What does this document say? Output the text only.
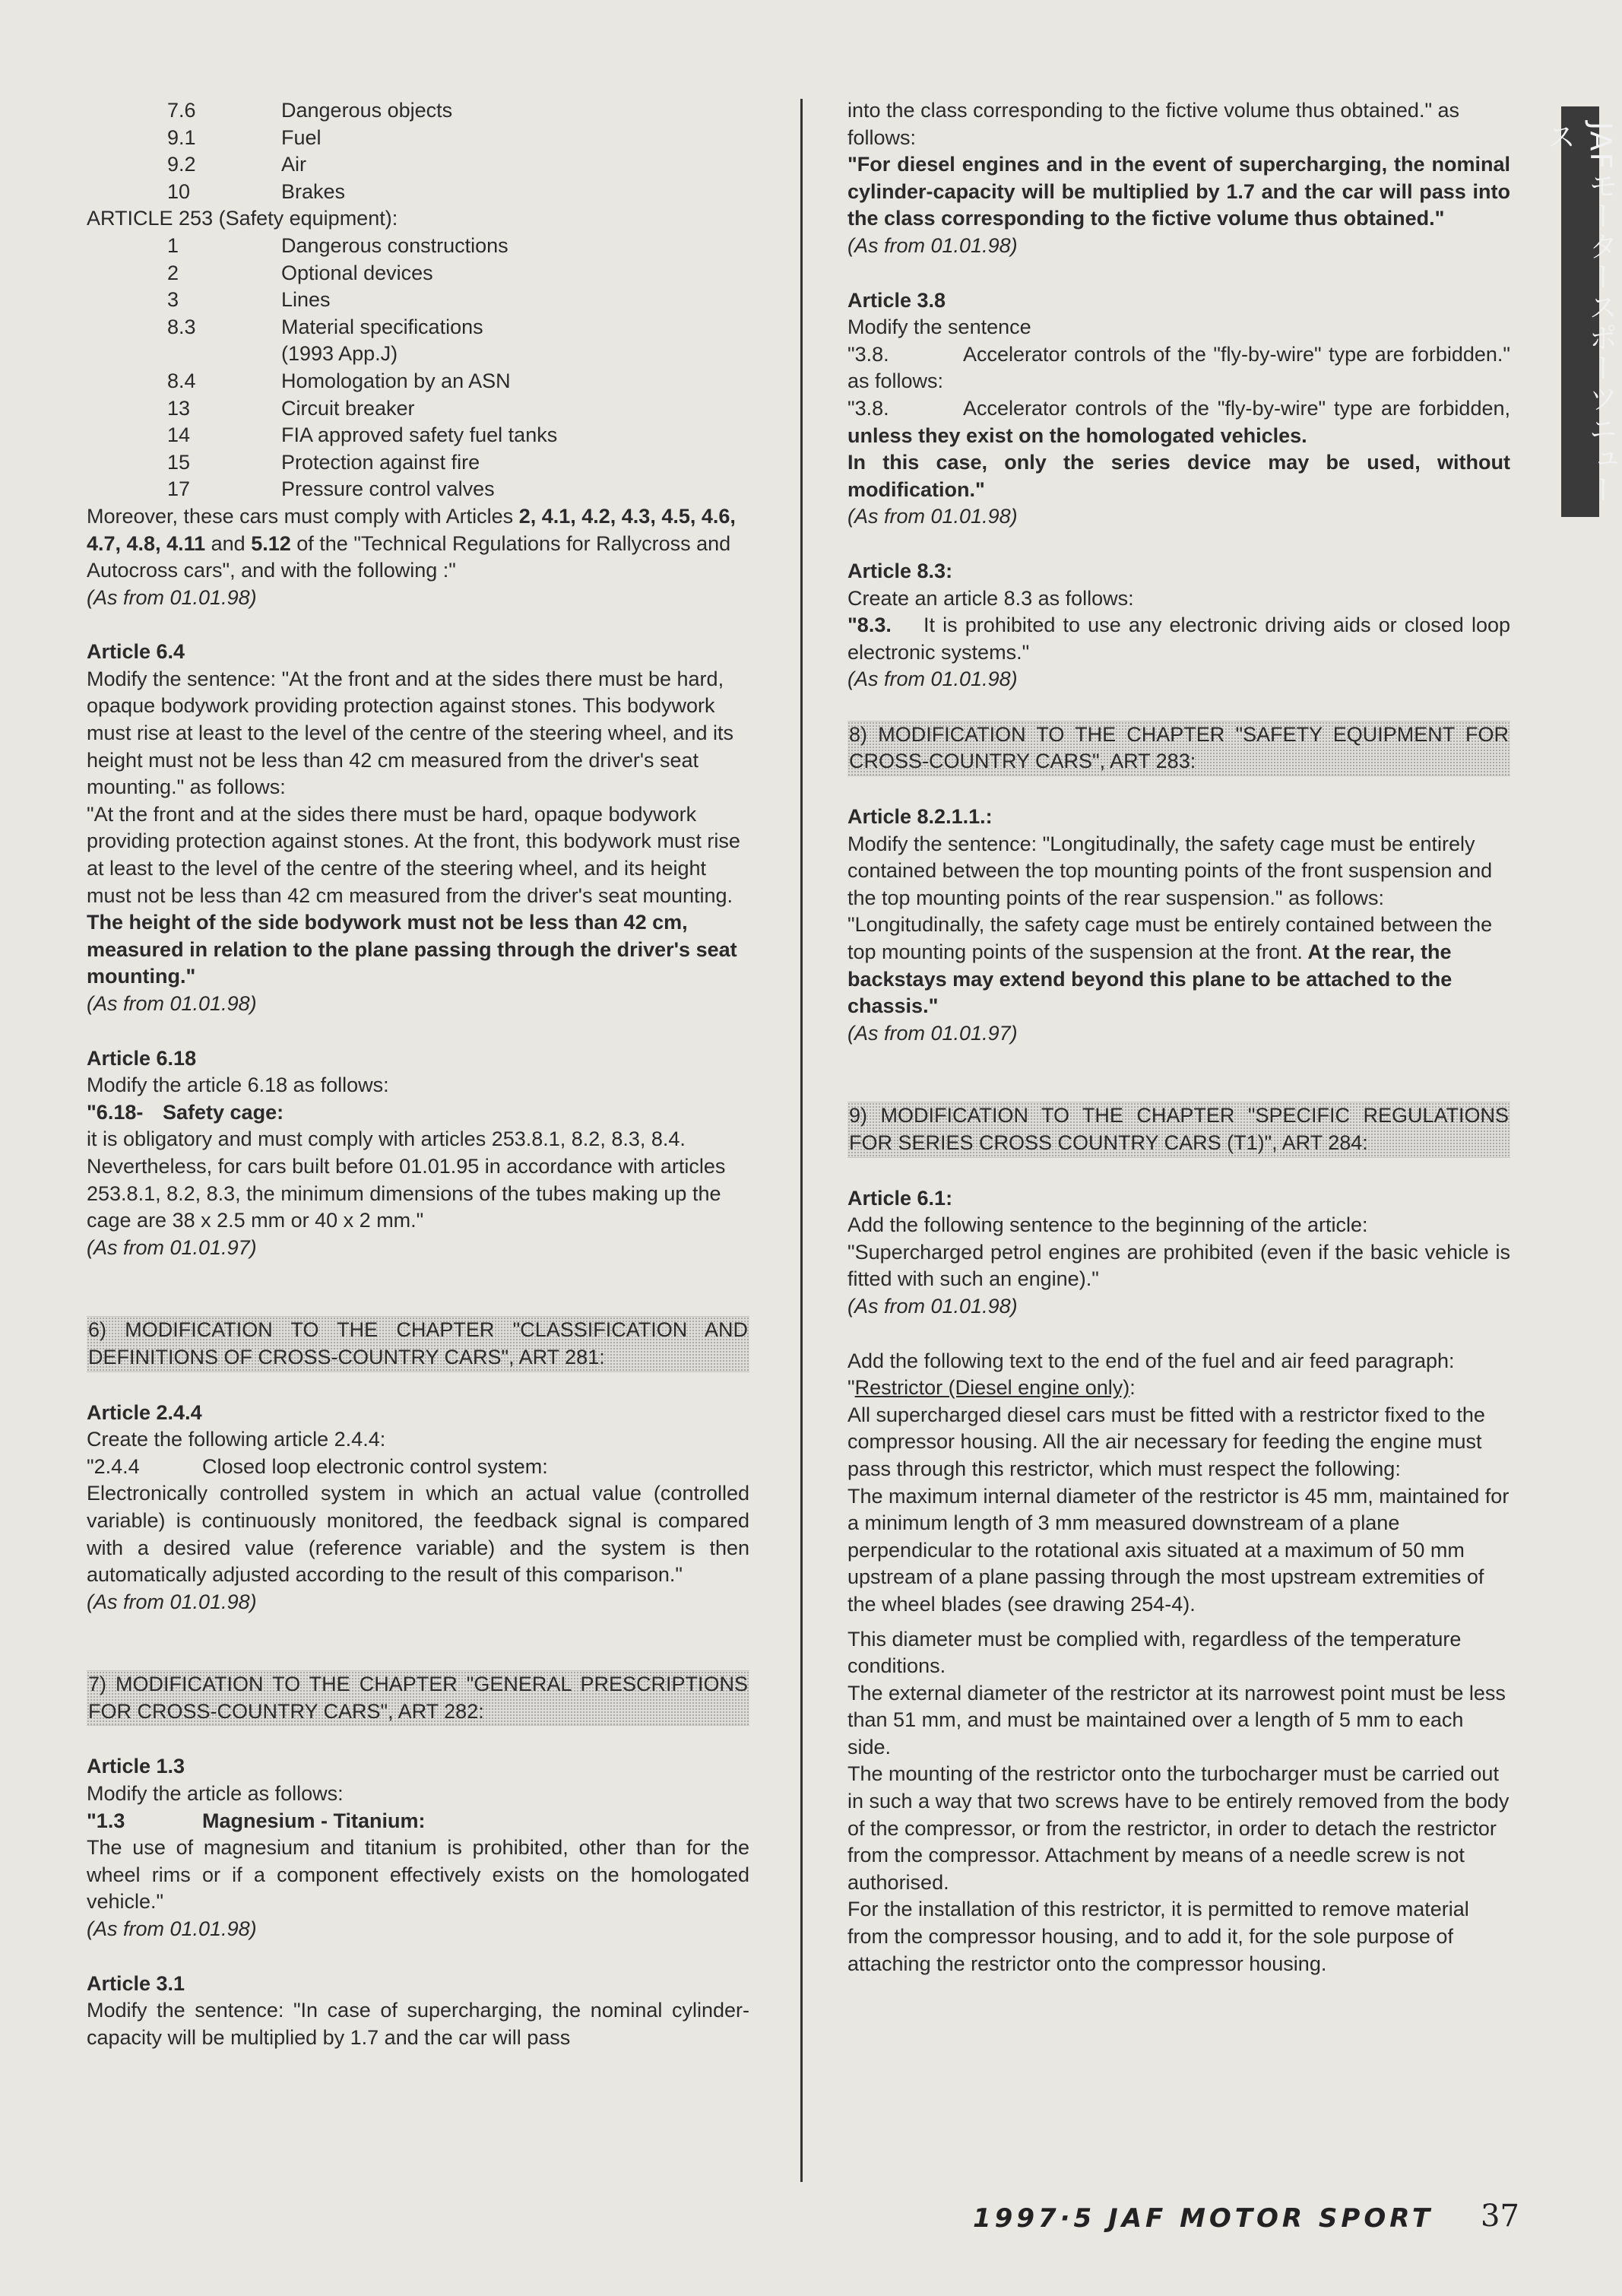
JAFモータースポーツニュース
7.6	Dangerous objects
9.1	Fuel
9.2	Air
10	Brakes

ARTICLE 253 (Safety equipment):

1	Dangerous constructions
2	Optional devices
3	Lines
8.3	Material specifications
(1993 App.J)
8.4	Homologation by an ASN
13	Circuit breaker
14	FIA approved safety fuel tanks
15	Protection against fire
17	Pressure control valves

Moreover, these cars must comply with Articles 2, 4.1, 4.2, 4.3, 4.5, 4.6, 4.7, 4.8, 4.11 and 5.12 of the "Technical Regulations for Rallycross and Autocross cars", and with the following :"

(As from 01.01.98)

Article 6.4

Modify the sentence: "At the front and at the sides there must be hard, opaque bodywork providing protection against stones. This bodywork must rise at least to the level of the centre of the steering wheel, and its height must not be less than 42 cm measured from the driver's seat mounting." as follows:

"At the front and at the sides there must be hard, opaque bodywork providing protection against stones. At the front, this bodywork must rise at least to the level of the centre of the steering wheel, and its height must not be less than 42 cm measured from the driver's seat mounting. The height of the side bodywork must not be less than 42 cm, measured in relation to the plane passing through the driver's seat mounting."

(As from 01.01.98)

Article 6.18

Modify the article 6.18 as follows:

"6.18- Safety cage:

it is obligatory and must comply with articles 253.8.1, 8.2, 8.3, 8.4. Nevertheless, for cars built before 01.01.95 in accordance with articles 253.8.1, 8.2, 8.3, the minimum dimensions of the tubes making up the cage are 38 x 2.5 mm or 40 x 2 mm."

(As from 01.01.97)

6) MODIFICATION TO THE CHAPTER "CLASSIFICATION AND DEFINITIONS OF CROSS-COUNTRY CARS", ART 281:

Article 2.4.4

Create the following article 2.4.4:

"2.4.4	Closed loop electronic control system:

Electronically controlled system in which an actual value (controlled variable) is continuously monitored, the feedback signal is compared with a desired value (reference variable) and the system is then automatically adjusted according to the result of this comparison."

(As from 01.01.98)

7) MODIFICATION TO THE CHAPTER "GENERAL PRESCRIPTIONS FOR CROSS-COUNTRY CARS", ART 282:

Article 1.3

Modify the article as follows:

"1.3	Magnesium - Titanium:

The use of magnesium and titanium is prohibited, other than for the wheel rims or if a component effectively exists on the homologated vehicle."

(As from 01.01.98)

Article 3.1

Modify the sentence: "In case of supercharging, the nominal cylinder-capacity will be multiplied by 1.7 and the car will pass

into the class corresponding to the fictive volume thus obtained." as follows:

"For diesel engines and in the event of supercharging, the nominal cylinder-capacity will be multiplied by 1.7 and the car will pass into the class corresponding to the fictive volume thus obtained."

(As from 01.01.98)

Article 3.8

Modify the sentence

"3.8.	Accelerator controls of the "fly-by-wire" type are forbidden." as follows:

"3.8.	Accelerator controls of the "fly-by-wire" type are forbidden, unless they exist on the homologated vehicles.

In this case, only the series device may be used, without modification."

(As from 01.01.98)

Article 8.3:

Create an article 8.3 as follows:

"8.3. It is prohibited to use any electronic driving aids or closed loop electronic systems."

(As from 01.01.98)

8) MODIFICATION TO THE CHAPTER "SAFETY EQUIPMENT FOR CROSS-COUNTRY CARS", ART 283:

Article 8.2.1.1.:

Modify the sentence: "Longitudinally, the safety cage must be entirely contained between the top mounting points of the front suspension and the top mounting points of the rear suspension." as follows:

"Longitudinally, the safety cage must be entirely contained between the top mounting points of the suspension at the front. At the rear, the backstays may extend beyond this plane to be attached to the chassis."

(As from 01.01.97)

9) MODIFICATION TO THE CHAPTER "SPECIFIC REGULATIONS FOR SERIES CROSS COUNTRY CARS (T1)", ART 284:

Article 6.1:

Add the following sentence to the beginning of the article:

"Supercharged petrol engines are prohibited (even if the basic vehicle is fitted with such an engine)."

(As from 01.01.98)

Add the following text to the end of the fuel and air feed paragraph:

"Restrictor (Diesel engine only):

All supercharged diesel cars must be fitted with a restrictor fixed to the compressor housing. All the air necessary for feeding the engine must pass through this restrictor, which must respect the following:

The maximum internal diameter of the restrictor is 45 mm, maintained for a minimum length of 3 mm measured downstream of a plane perpendicular to the rotational axis situated at a maximum of 50 mm upstream of a plane passing through the most upstream extremities of the wheel blades (see drawing 254-4).

This diameter must be complied with, regardless of the temperature conditions.

The external diameter of the restrictor at its narrowest point must be less than 51 mm, and must be maintained over a length of 5 mm to each side.

The mounting of the restrictor onto the turbocharger must be carried out in such a way that two screws have to be entirely removed from the body of the compressor, or from the restrictor, in order to detach the restrictor from the compressor. Attachment by means of a needle screw is not authorised.

For the installation of this restrictor, it is permitted to remove material from the compressor housing, and to add it, for the sole purpose of attaching the restrictor onto the compressor housing.

1997·5 JAF MOTOR SPORT 37
